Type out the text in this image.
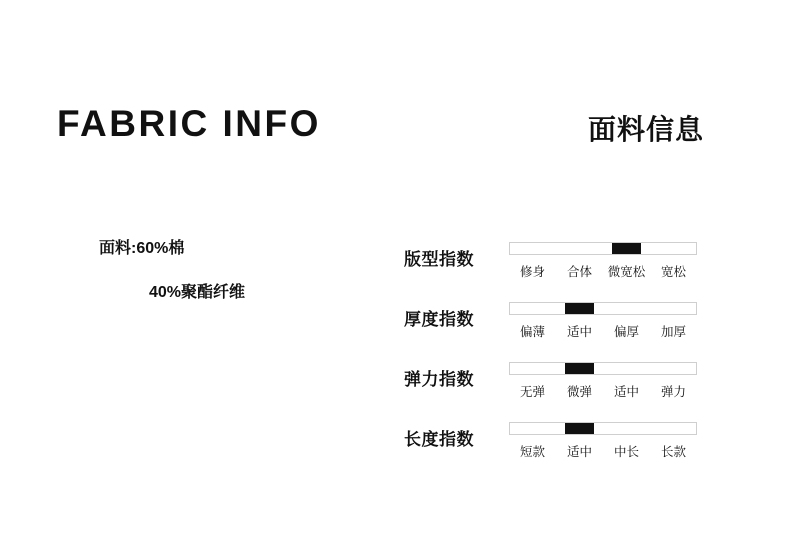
FABRIC INFO	面料信息
面料:60%棉
40%聚酯纤维
版型指数
修身	合体	微宽松	宽松
厚度指数
偏薄	适中	偏厚	加厚
弹力指数
无弹	微弹	适中	弹力
长度指数
短款	适中	中长	长款
